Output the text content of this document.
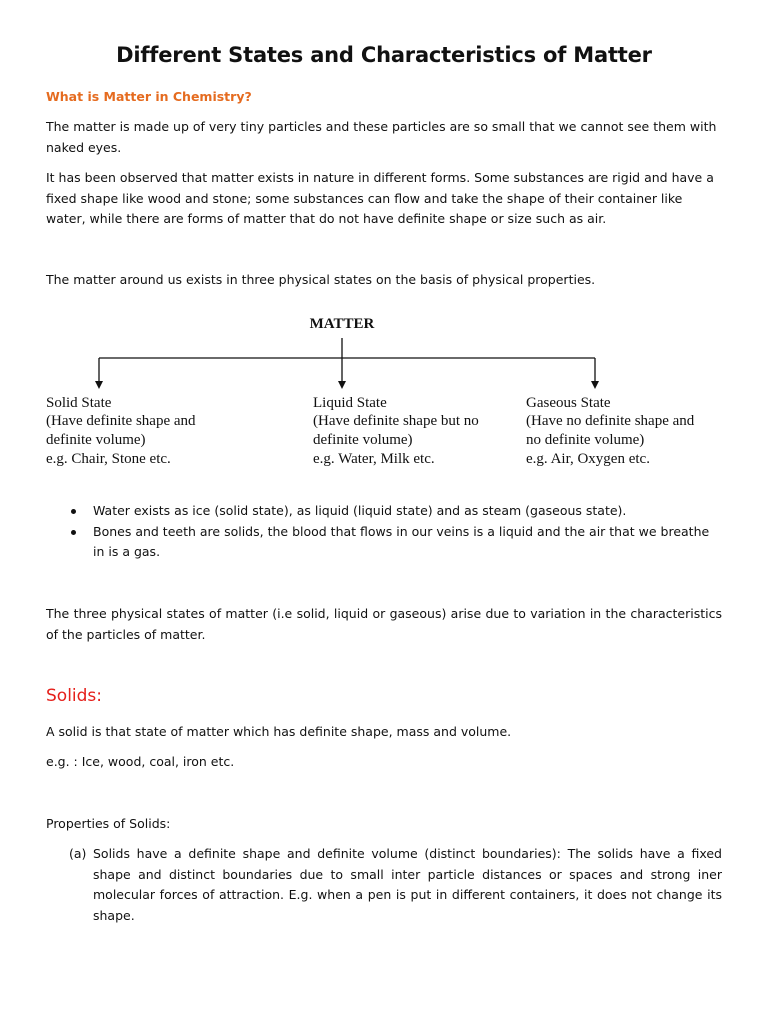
Different States and Characteristics of Matter
What is Matter in Chemistry?
The matter is made up of very tiny particles and these particles are so small that we cannot see them with naked eyes.
It has been observed that matter exists in nature in different forms. Some substances are rigid and have a fixed shape like wood and stone; some substances can flow and take the shape of their container like water, while there are forms of matter that do not have definite shape or size such as air.
The matter around us exists in three physical states on the basis of physical properties.
MATTER
Solid State
(Have definite shape and
definite volume)
e.g. Chair, Stone etc.
Liquid State
(Have definite shape but no
definite volume)
e.g. Water, Milk etc.
Gaseous State
(Have no definite shape and
no definite volume)
e.g. Air, Oxygen etc.
Water exists as ice (solid state), as liquid (liquid state) and as steam (gaseous state).
Bones and teeth are solids, the blood that flows in our veins is a liquid and the air that we breathe in is a gas.
The three physical states of matter (i.e solid, liquid or gaseous) arise due to variation in the characteristics of the particles of matter.
Solids:
A solid is that state of matter which has definite shape, mass and volume.
e.g. : Ice, wood, coal, iron etc.
Properties of Solids:
(a) Solids have a definite shape and definite volume (distinct boundaries): The solids have a fixed shape and distinct boundaries due to small inter particle distances or spaces and strong iner molecular forces of attraction. E.g. when a pen is put in different containers, it does not change its shape.
